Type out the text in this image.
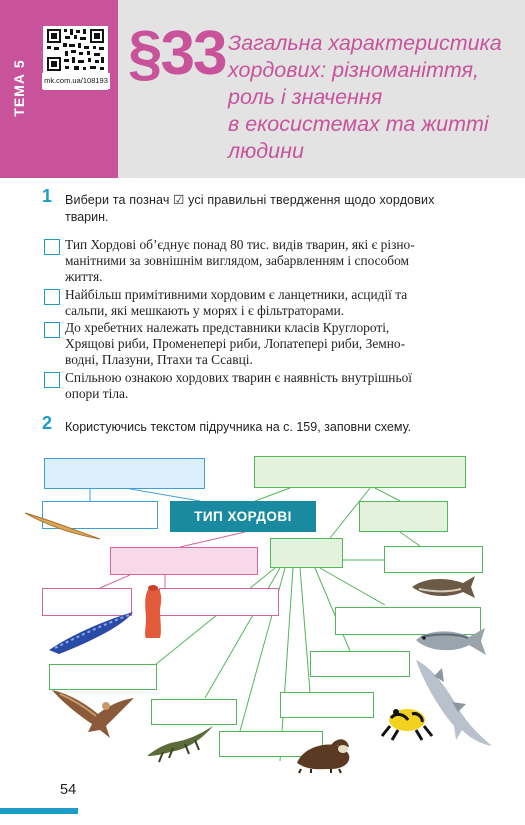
ТЕМА 5 mk.com.ua/108193 §33 Загальна характеристика
хордових: різноманіття,
роль і значення
в екосистемах та житті
людини
1 Вибери та познач ☑ усі правильні твердження щодо хордових
тварин.
Тип Хордові об’єднує понад 80 тис. видів тварин, які є різно-
манітними за зовнішнім виглядом, забарвленням і способом
життя.
Найбільш примітивними хордовим є ланцетники, асцидії та
сальпи, які мешкають у морях і є фільтраторами.
До хребетних належать представники класів Круглороті,
Хрящові риби, Променепері риби, Лопатепері риби, Земно-
водні, Плазуни, Птахи та Ссавці.
Спільною ознакою хордових тварин є наявність внутрішньої
опори тіла.
2 Користуючись текстом підручника на с. 159, заповни схему.
ТИП ХОРДОВІ
54
